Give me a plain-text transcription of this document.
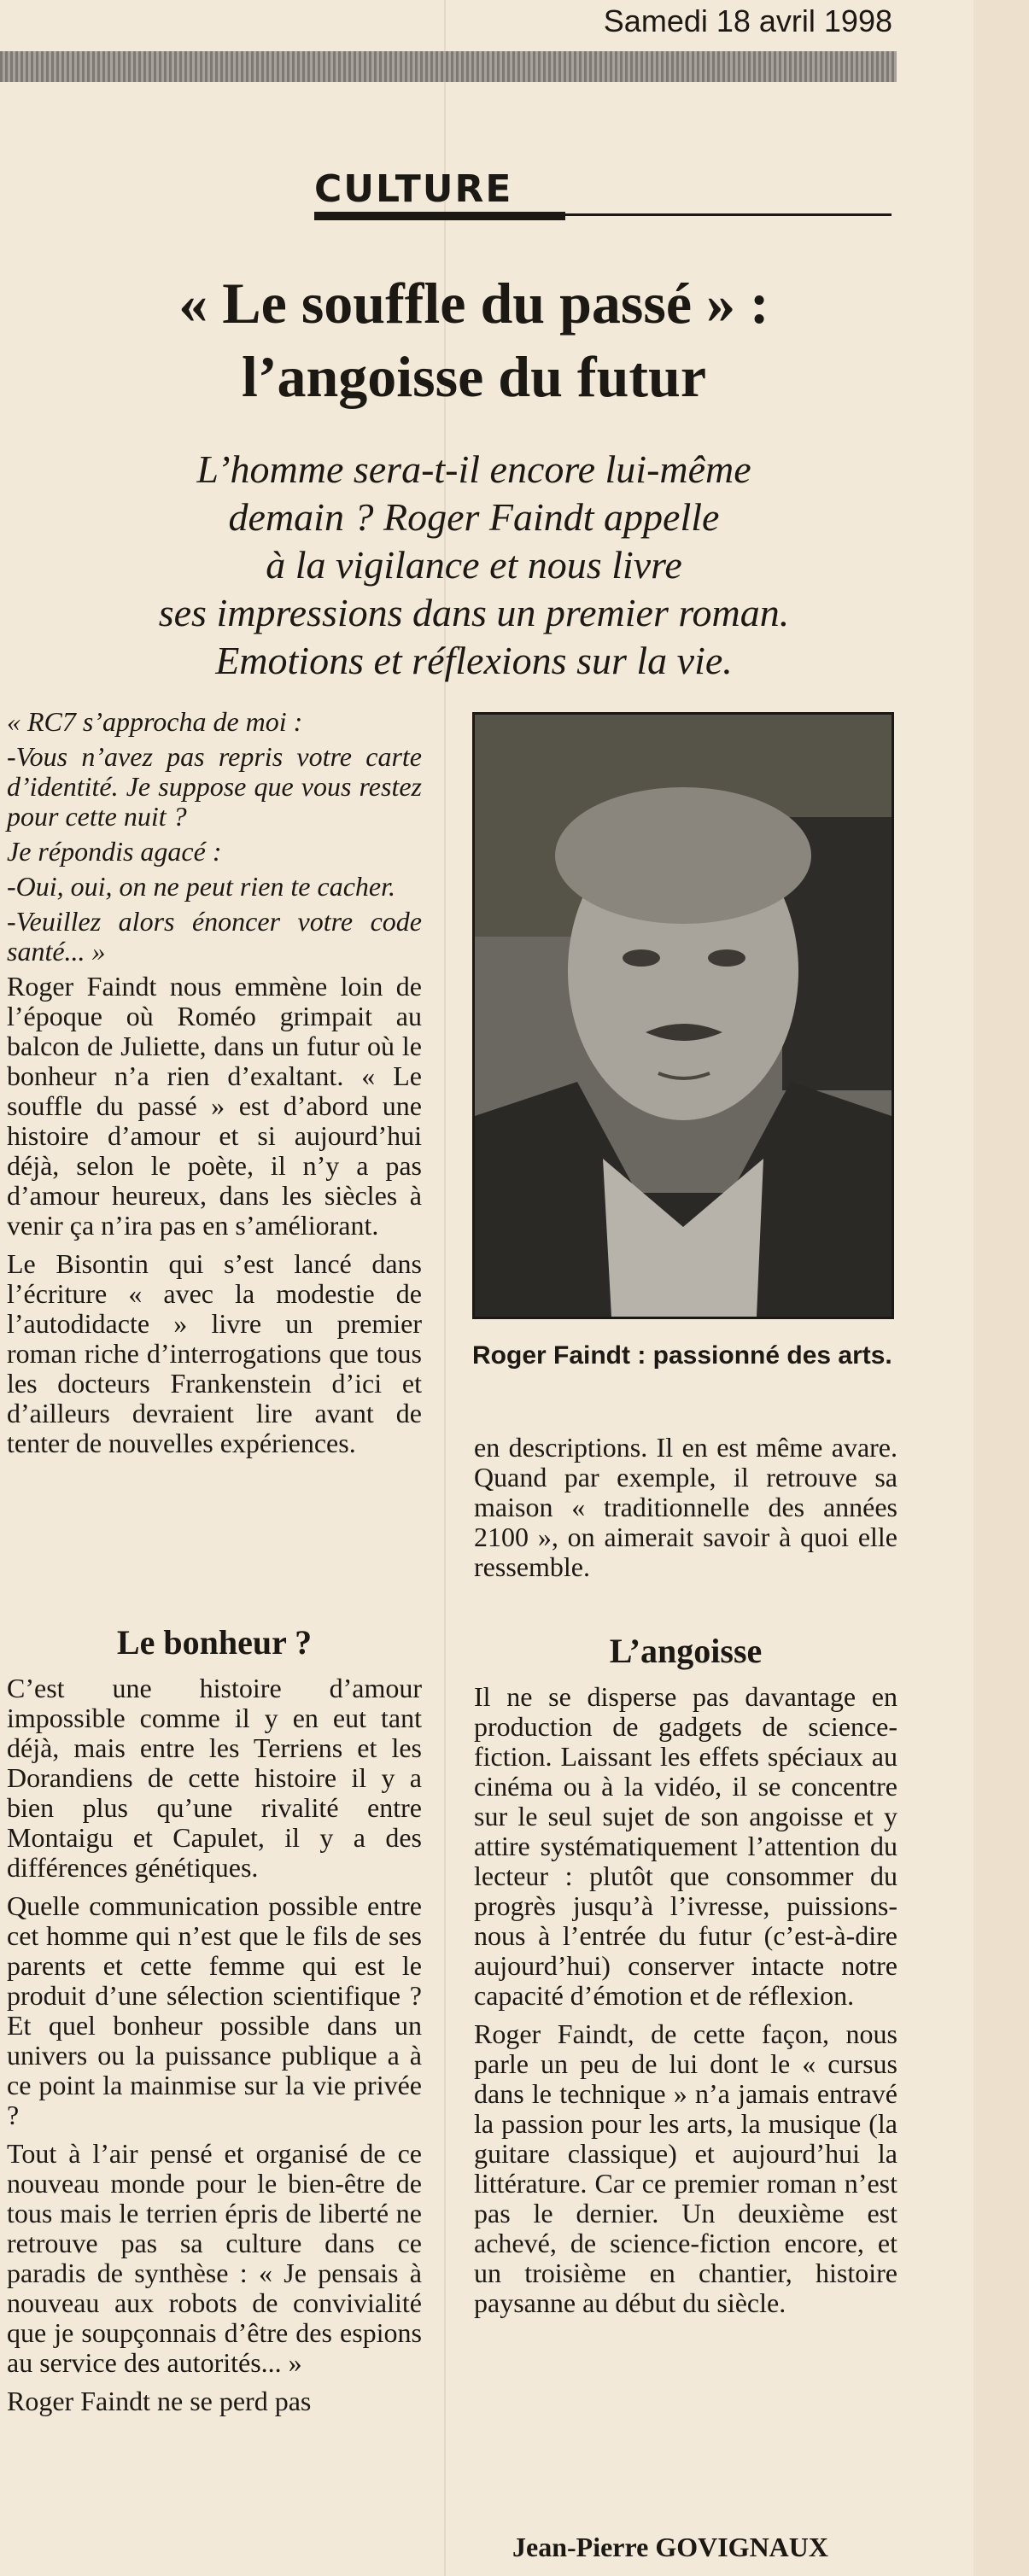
Samedi 18 avril 1998
CULTURE
« Le souffle du passé » :
l’angoisse du futur
L’homme sera-t-il encore lui-même
demain ? Roger Faindt appelle
à la vigilance et nous livre
ses impressions dans un premier roman.
Emotions et réflexions sur la vie.
Roger Faindt : passionné des arts.

« RC7 s’approcha de moi :

-Vous n’avez pas repris votre carte d’identité. Je suppose que vous restez pour cette nuit ?

Je répondis agacé :

-Oui, oui, on ne peut rien te cacher.

-Veuillez alors énoncer votre code santé... »

Roger Faindt nous emmène loin de l’époque où Roméo grimpait au balcon de Juliette, dans un futur où le bonheur n’a rien d’exaltant. « Le souffle du passé » est d’abord une histoire d’amour et si aujourd’hui déjà, selon le poète, il n’y a pas d’amour heureux, dans les siècles à venir ça n’ira pas en s’améliorant.

Le Bisontin qui s’est lancé dans l’écriture « avec la modestie de l’autodidacte » livre un premier roman riche d’interrogations que tous les docteurs Frankenstein d’ici et d’ailleurs devraient lire avant de tenter de nouvelles expériences.

Le bonheur ?

C’est une histoire d’amour impossible comme il y en eut tant déjà, mais entre les Terriens et les Dorandiens de cette histoire il y a bien plus qu’une rivalité entre Montaigu et Capulet, il y a des différences génétiques.

Quelle communication possible entre cet homme qui n’est que le fils de ses parents et cette femme qui est le produit d’une sélection scientifique ? Et quel bonheur possible dans un univers ou la puissance publique a à ce point la mainmise sur la vie privée ?

Tout à l’air pensé et organisé de ce nouveau monde pour le bien-être de tous mais le terrien épris de liberté ne retrouve pas sa culture dans ce paradis de synthèse : « Je pensais à nouveau aux robots de convivialité que je soupçonnais d’être des espions au service des autorités... »

Roger Faindt ne se perd pas

en descriptions. Il en est même avare. Quand par exemple, il retrouve sa maison « traditionnelle des années 2100 », on aimerait savoir à quoi elle ressemble.

L’angoisse

Il ne se disperse pas davantage en production de gadgets de science-fiction. Laissant les effets spéciaux au cinéma ou à la vidéo, il se concentre sur le seul sujet de son angoisse et y attire systématiquement l’attention du lecteur : plutôt que consommer du progrès jusqu’à l’ivresse, puissions-nous à l’entrée du futur (c’est-à-dire aujourd’hui) conserver intacte notre capacité d’émotion et de réflexion.

Roger Faindt, de cette façon, nous parle un peu de lui dont le « cursus dans le technique » n’a jamais entravé la passion pour les arts, la musique (la guitare classique) et aujourd’hui la littérature. Car ce premier roman n’est pas le dernier. Un deuxième est achevé, de science-fiction encore, et un troisième en chantier, histoire paysanne au début du siècle.

Jean-Pierre GOVIGNAUX
